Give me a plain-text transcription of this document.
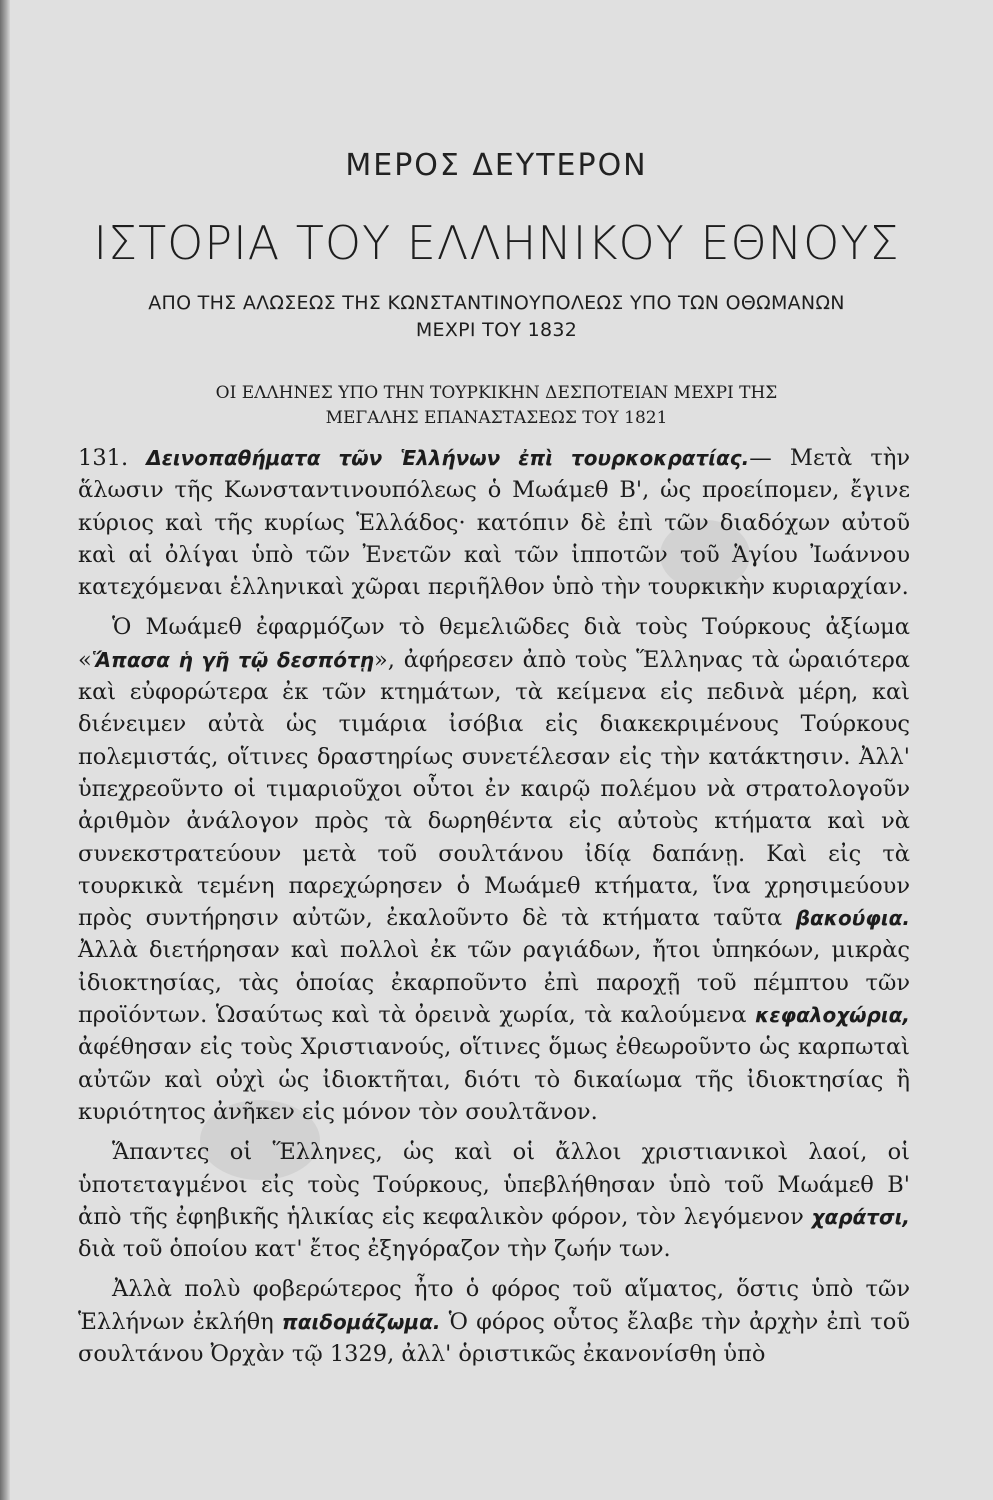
ΜΕΡΟΣ ΔΕΥΤΕΡΟΝ
ΙΣΤΟΡΙΑ ΤΟΥ ΕΛΛΗΝΙΚΟΥ ΕΘΝΟΥΣ
ΑΠΟ ΤΗΣ ΑΛΩΣΕΩΣ ΤΗΣ ΚΩΝΣΤΑΝΤΙΝΟΥΠΟΛΕΩΣ ΥΠΟ ΤΩΝ ΟΘΩΜΑΝΩΝ
ΜΕΧΡΙ ΤΟΥ 1832
ΟΙ ΕΛΛΗΝΕΣ ΥΠΟ ΤΗΝ ΤΟΥΡΚΙΚΗΝ ΔΕΣΠΟΤΕΙΑΝ ΜΕΧΡΙ ΤΗΣ
ΜΕΓΑΛΗΣ ΕΠΑΝΑΣΤΑΣΕΩΣ ΤΟΥ 1821

131. Δεινοπαθήματα τῶν Ἑλλήνων ἐπὶ τουρκοκρατίας.— Μετὰ τὴν ἅλωσιν τῆς Κωνσταντινουπόλεως ὁ Μωάμεθ Β', ὡς προείπομεν, ἔγινε κύριος καὶ τῆς κυρίως Ἑλλάδος· κατόπιν δὲ ἐπὶ τῶν διαδόχων αὐτοῦ καὶ αἱ ὀλίγαι ὑπὸ τῶν Ἐνετῶν καὶ τῶν ἱπποτῶν τοῦ Ἁγίου Ἰωάννου κατεχόμεναι ἑλληνικαὶ χῶραι περιῆλθον ὑπὸ τὴν τουρκικὴν κυριαρχίαν.

Ὁ Μωάμεθ ἐφαρμόζων τὸ θεμελιῶδες διὰ τοὺς Τούρκους ἀξίωμα «Ἅπασα ἡ γῆ τῷ δεσπότῃ», ἀφήρεσεν ἀπὸ τοὺς Ἕλληνας τὰ ὡραιότερα καὶ εὐφορώτερα ἐκ τῶν κτημάτων, τὰ κείμενα εἰς πεδινὰ μέρη, καὶ διένειμεν αὐτὰ ὡς τιμάρια ἰσόβια εἰς διακεκριμένους Τούρκους πολεμιστάς, οἵτινες δραστηρίως συνετέλεσαν εἰς τὴν κατάκτησιν. Ἀλλ' ὑπεχρεοῦντο οἱ τιμαριοῦχοι οὗτοι ἐν καιρῷ πολέμου νὰ στρατολογοῦν ἀριθμὸν ἀνάλογον πρὸς τὰ δωρηθέντα εἰς αὐτοὺς κτήματα καὶ νὰ συνεκστρατεύουν μετὰ τοῦ σουλτάνου ἰδίᾳ δαπάνῃ. Καὶ εἰς τὰ τουρκικὰ τεμένη παρεχώρησεν ὁ Μωάμεθ κτήματα, ἵνα χρησιμεύουν πρὸς συντήρησιν αὐτῶν, ἐκαλοῦντο δὲ τὰ κτήματα ταῦτα βακούφια. Ἀλλὰ διετήρησαν καὶ πολλοὶ ἐκ τῶν ραγιάδων, ἤτοι ὑπηκόων, μικρὰς ἰδιοκτησίας, τὰς ὁποίας ἐκαρποῦντο ἐπὶ παροχῇ τοῦ πέμπτου τῶν προϊόντων. Ὡσαύτως καὶ τὰ ὀρεινὰ χωρία, τὰ καλούμενα κεφαλοχώρια, ἀφέθησαν εἰς τοὺς Χριστιανούς, οἵτινες ὅμως ἐθεωροῦντο ὡς καρπωταὶ αὐτῶν καὶ οὐχὶ ὡς ἰδιοκτῆται, διότι τὸ δικαίωμα τῆς ἰδιοκτησίας ἢ κυριότητος ἀνῆκεν εἰς μόνον τὸν σουλτᾶνον.

Ἅπαντες οἱ Ἕλληνες, ὡς καὶ οἱ ἄλλοι χριστιανικοὶ λαοί, οἱ ὑποτεταγμένοι εἰς τοὺς Τούρκους, ὑπεβλήθησαν ὑπὸ τοῦ Μωάμεθ Β' ἀπὸ τῆς ἐφηβικῆς ἡλικίας εἰς κεφαλικὸν φόρον, τὸν λεγόμενον χαράτσι, διὰ τοῦ ὁποίου κατ' ἔτος ἐξηγόραζον τὴν ζωήν των.

Ἀλλὰ πολὺ φοβερώτερος ἦτο ὁ φόρος τοῦ αἵματος, ὅστις ὑπὸ τῶν Ἑλλήνων ἐκλήθη παιδομάζωμα. Ὁ φόρος οὗτος ἔλαβε τὴν ἀρχὴν ἐπὶ τοῦ σουλτάνου Ὀρχὰν τῷ 1329, ἀλλ' ὁριστικῶς ἐκανονίσθη ὑπὸ
